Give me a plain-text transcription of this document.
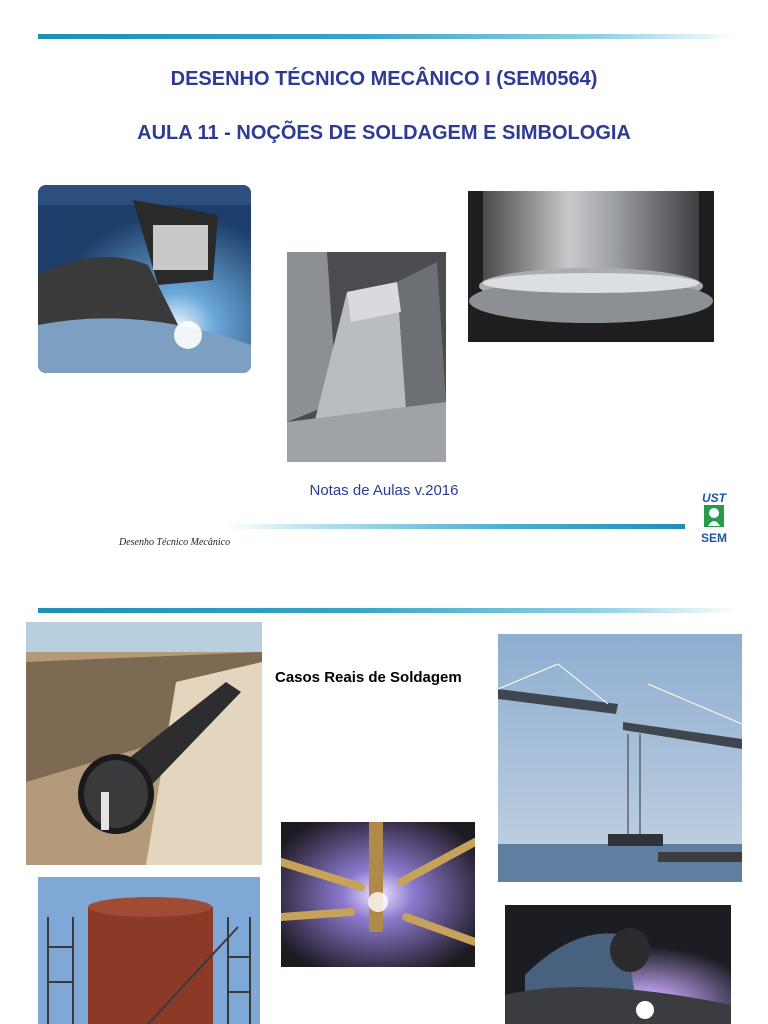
DESENHO TÉCNICO MECÂNICO I (SEM0564)
AULA 11 - NOÇÕES DE SOLDAGEM E SIMBOLOGIA
Notas de Aulas v.2016
Desenho Técnico Mecânico
UST
SEM
Casos Reais de Soldagem
